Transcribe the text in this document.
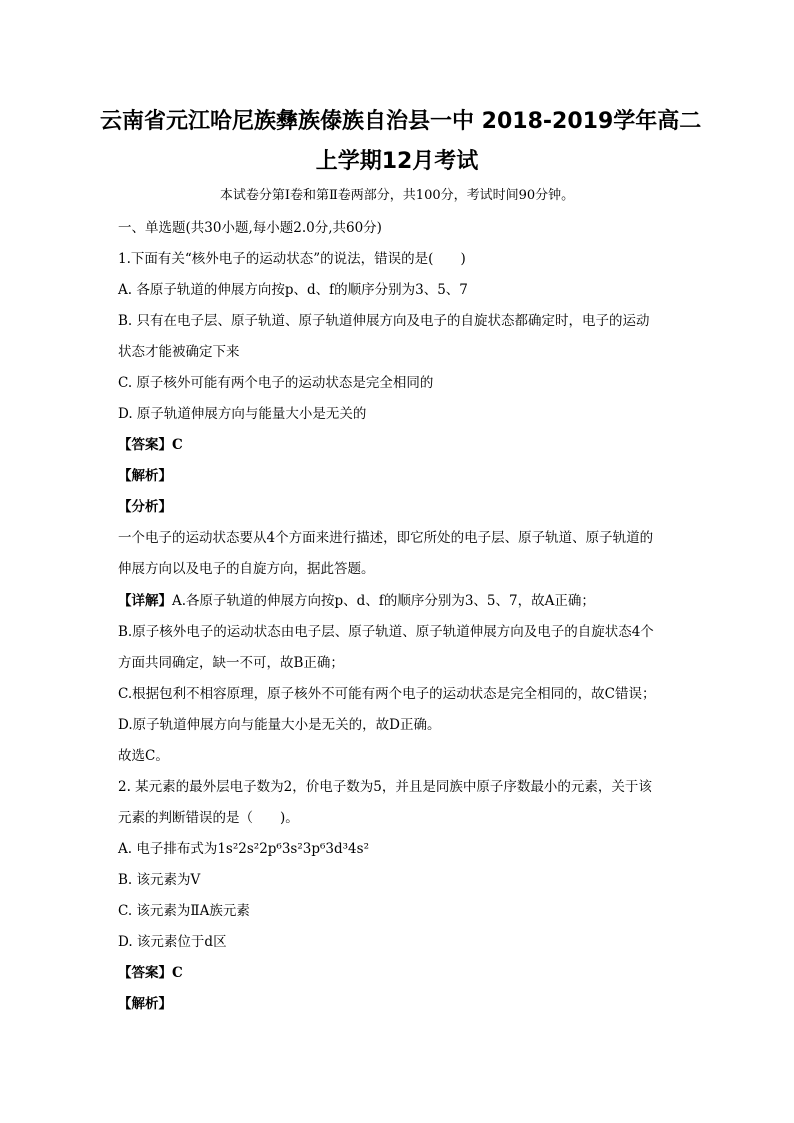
云南省元江哈尼族彝族傣族自治县一中 2018-2019学年高二
上学期12月考试
本试卷分第Ⅰ卷和第Ⅱ卷两部分，共100分，考试时间90分钟。
一、单选题(共30小题,每小题2.0分,共60分)
1.下面有关“核外电子的运动状态”的说法，错误的是(　　)
A. 各原子轨道的伸展方向按p、d、f的顺序分别为3、5、7
B. 只有在电子层、原子轨道、原子轨道伸展方向及电子的自旋状态都确定时，电子的运动
状态才能被确定下来
C. 原子核外可能有两个电子的运动状态是完全相同的
D. 原子轨道伸展方向与能量大小是无关的
【答案】C
【解析】
【分析】
一个电子的运动状态要从4个方面来进行描述，即它所处的电子层、原子轨道、原子轨道的
伸展方向以及电子的自旋方向，据此答题。
【详解】A.各原子轨道的伸展方向按p、d、f的顺序分别为3、5、7，故A正确；
B.原子核外电子的运动状态由电子层、原子轨道、原子轨道伸展方向及电子的自旋状态4个
方面共同确定，缺一不可，故B正确；
C.根据包利不相容原理，原子核外不可能有两个电子的运动状态是完全相同的，故C错误；
D.原子轨道伸展方向与能量大小是无关的，故D正确。
故选C。
2. 某元素的最外层电子数为2，价电子数为5，并且是同族中原子序数最小的元素，关于该
元素的判断错误的是（　　)。
A. 电子排布式为1s²2s²2p⁶3s²3p⁶3d³4s²
B. 该元素为V
C. 该元素为ⅡA族元素
D. 该元素位于d区
【答案】C
【解析】
